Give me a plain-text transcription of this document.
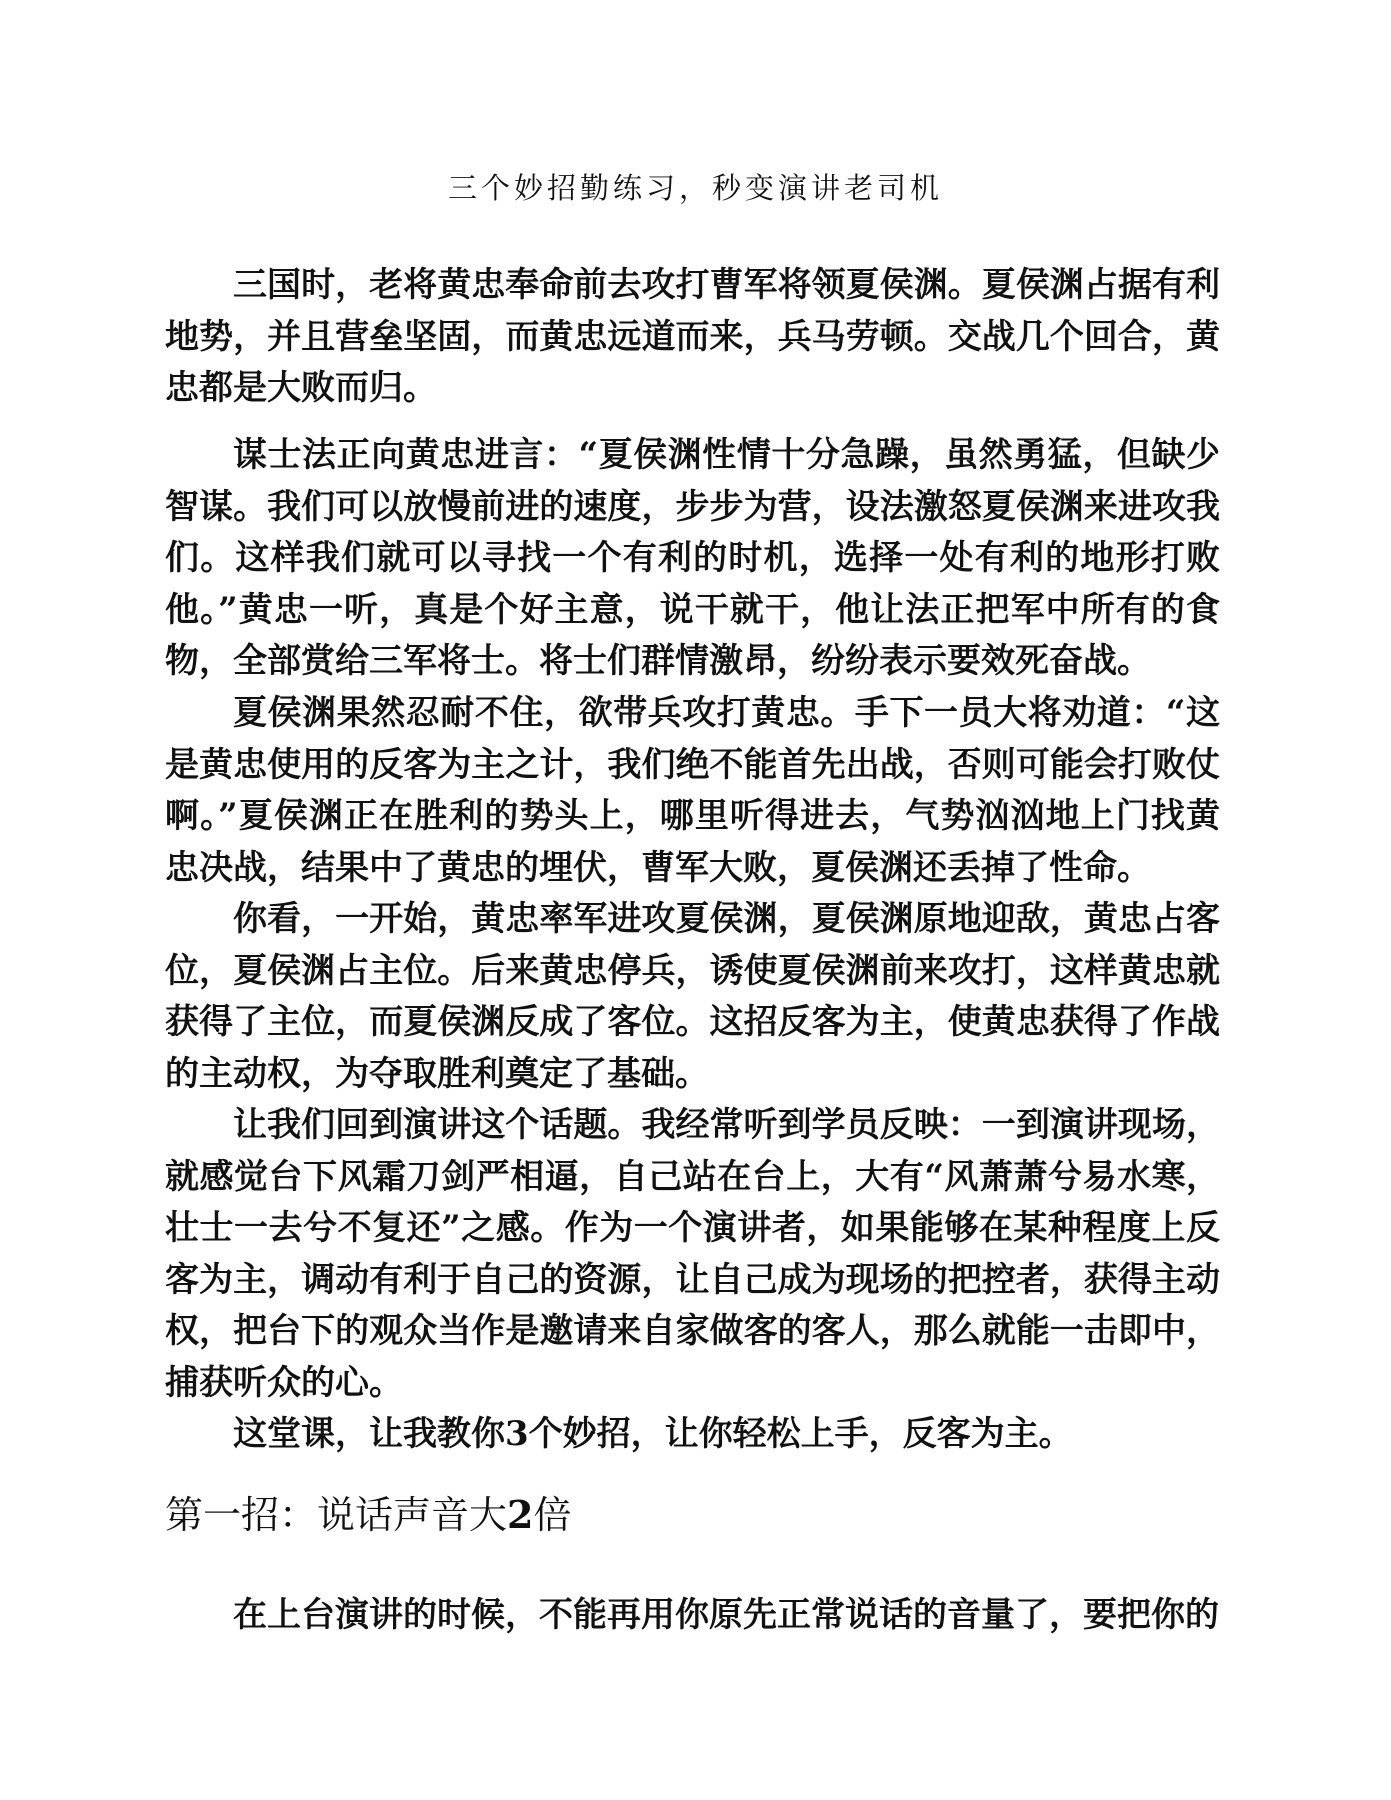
三个妙招勤练习，秒变演讲老司机

三国时，老将黄忠奉命前去攻打曹军将领夏侯渊。夏侯渊占据有利地势，并且营垒坚固，而黄忠远道而来，兵马劳顿。交战几个回合，黄忠都是大败而归。

谋士法正向黄忠进言：“夏侯渊性情十分急躁，虽然勇猛，但缺少智谋。我们可以放慢前进的速度，步步为营，设法激怒夏侯渊来进攻我们。这样我们就可以寻找一个有利的时机，选择一处有利的地形打败他。”黄忠一听，真是个好主意，说干就干，他让法正把军中所有的食物，全部赏给三军将士。将士们群情激昂，纷纷表示要效死奋战。

夏侯渊果然忍耐不住，欲带兵攻打黄忠。手下一员大将劝道：“这是黄忠使用的反客为主之计，我们绝不能首先出战，否则可能会打败仗啊。”夏侯渊正在胜利的势头上，哪里听得进去，气势汹汹地上门找黄忠决战，结果中了黄忠的埋伏，曹军大败，夏侯渊还丢掉了性命。

你看，一开始，黄忠率军进攻夏侯渊，夏侯渊原地迎敌，黄忠占客位，夏侯渊占主位。后来黄忠停兵，诱使夏侯渊前来攻打，这样黄忠就获得了主位，而夏侯渊反成了客位。这招反客为主，使黄忠获得了作战的主动权，为夺取胜利奠定了基础。

让我们回到演讲这个话题。我经常听到学员反映：一到演讲现场，就感觉台下风霜刀剑严相逼，自己站在台上，大有“风萧萧兮易水寒，壮士一去兮不复还”之感。作为一个演讲者，如果能够在某种程度上反客为主，调动有利于自己的资源，让自己成为现场的把控者，获得主动权，把台下的观众当作是邀请来自家做客的客人，那么就能一击即中，捕获听众的心。

这堂课，让我教你3个妙招，让你轻松上手，反客为主。

第一招：说话声音大2倍

在上台演讲的时候，不能再用你原先正常说话的音量了，要把你的
